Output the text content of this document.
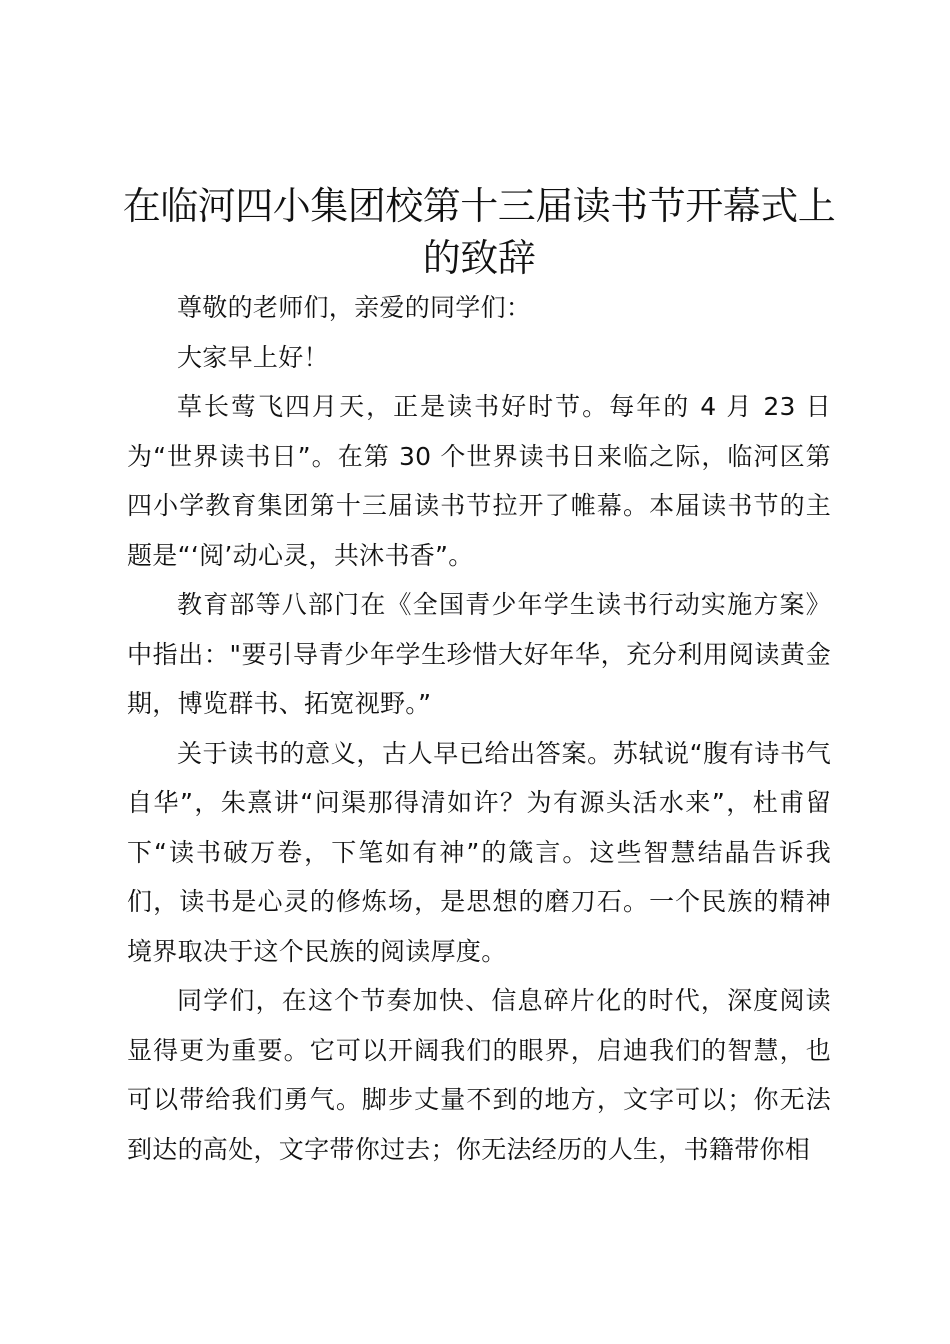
在临河四小集团校第十三届读书节开幕式上的致辞

尊敬的老师们，亲爱的同学们：

大家早上好！

草长莺飞四月天，正是读书好时节。每年的 4 月 23 日为“世界读书日”。在第 30 个世界读书日来临之际，临河区第四小学教育集团第十三届读书节拉开了帷幕。本届读书节的主题是“‘阅’动心灵，共沐书香”。

教育部等八部门在《全国青少年学生读书行动实施方案》中指出："要引导青少年学生珍惜大好年华，充分利用阅读黄金期，博览群书、拓宽视野。”

关于读书的意义，古人早已给出答案。苏轼说“腹有诗书气自华”，朱熹讲“问渠那得清如许？为有源头活水来”，杜甫留下“读书破万卷，下笔如有神”的箴言。这些智慧结晶告诉我们，读书是心灵的修炼场，是思想的磨刀石。一个民族的精神境界取决于这个民族的阅读厚度。

同学们，在这个节奏加快、信息碎片化的时代，深度阅读显得更为重要。它可以开阔我们的眼界，启迪我们的智慧，也可以带给我们勇气。脚步丈量不到的地方，文字可以；你无法到达的高处，文字带你过去；你无法经历的人生，书籍带你相
